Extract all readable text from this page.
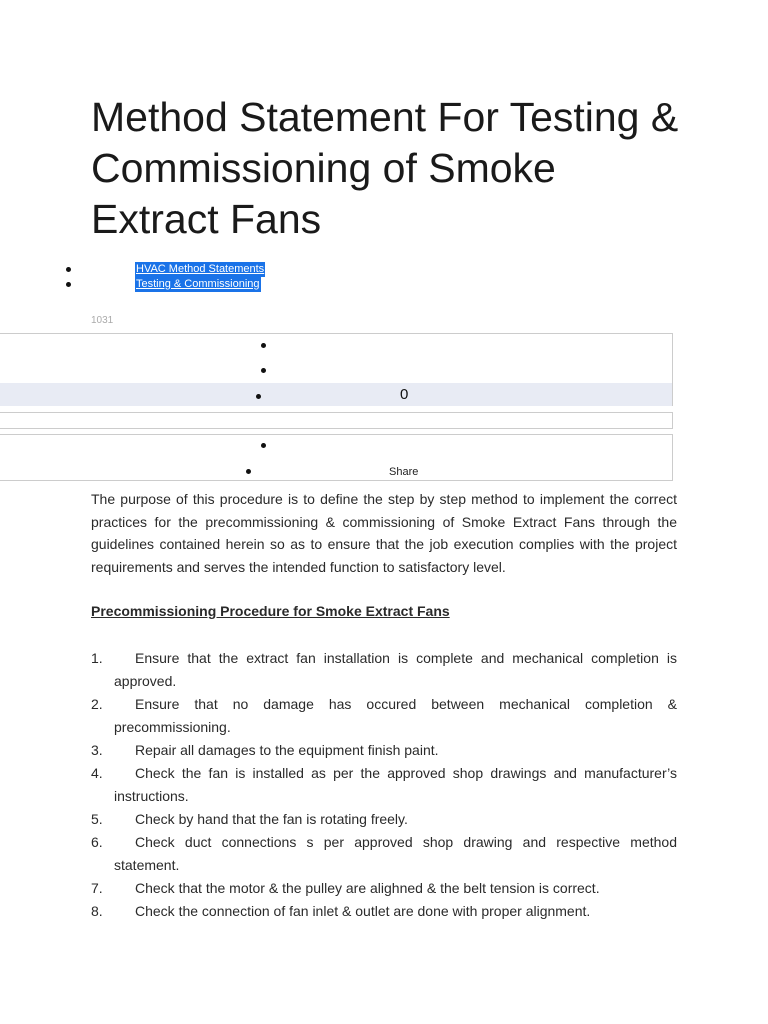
Method Statement For Testing & Commissioning of Smoke Extract Fans
HVAC Method Statements
Testing & Commissioning
1031
0
Share

The purpose of this procedure is to define the step by step method to implement the correct practices for the precommissioning & commissioning of Smoke Extract Fans through the guidelines contained herein so as to ensure that the job execution complies with the project requirements and serves the intended function to satisfactory level.

Precommissioning Procedure for Smoke Extract Fans
1.	Ensure that the extract fan installation is complete and mechanical completion is approved.
2.	Ensure that no damage has occured between mechanical completion & precommissioning.
3.	Repair all damages to the equipment finish paint.
4.	Check the fan is installed as per the approved shop drawings and manufacturer’s instructions.
5.	Check by hand that the fan is rotating freely.
6.	Check duct connections s per approved shop drawing and respective method statement.
7.	Check that the motor & the pulley are alighned & the belt tension is correct.
8.	Check the connection of fan inlet & outlet are done with proper alignment.
